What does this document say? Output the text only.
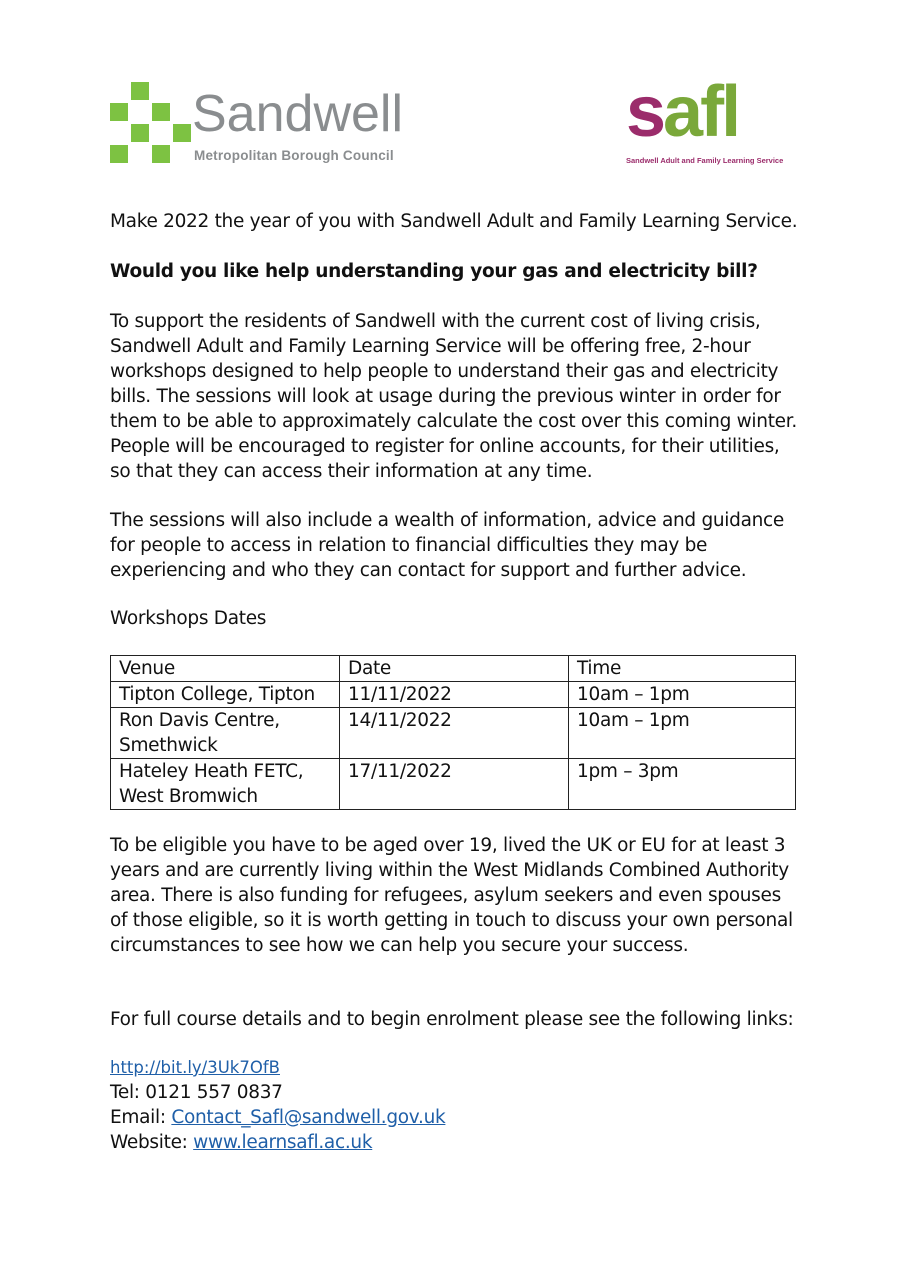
Sandwell
Metropolitan Borough Council
safl
Sandwell Adult and Family Learning Service
Make 2022 the year of you with Sandwell Adult and Family Learning Service.
Would you like help understanding your gas and electricity bill?
To support the residents of Sandwell with the current cost of living crisis, Sandwell Adult and Family Learning Service will be offering free, 2-hour workshops designed to help people to understand their gas and electricity bills. The sessions will look at usage during the previous winter in order for them to be able to approximately calculate the cost over this coming winter. People will be encouraged to register for online accounts, for their utilities, so that they can access their information at any time.
The sessions will also include a wealth of information, advice and guidance for people to access in relation to financial difficulties they may be experiencing and who they can contact for support and further advice.
Workshops Dates
Venue	Date	Time
Tipton College, Tipton	11/11/2022	10am – 1pm
Ron Davis Centre, Smethwick	14/11/2022	10am – 1pm
Hateley Heath FETC, West Bromwich	17/11/2022	1pm – 3pm
To be eligible you have to be aged over 19, lived the UK or EU for at least 3 years and are currently living within the West Midlands Combined Authority area. There is also funding for refugees, asylum seekers and even spouses of those eligible, so it is worth getting in touch to discuss your own personal circumstances to see how we can help you secure your success.
For full course details and to begin enrolment please see the following links:
http://bit.ly/3Uk7OfB
Tel: 0121 557 0837
Email: Contact_Safl@sandwell.gov.uk
Website: www.learnsafl.ac.uk
